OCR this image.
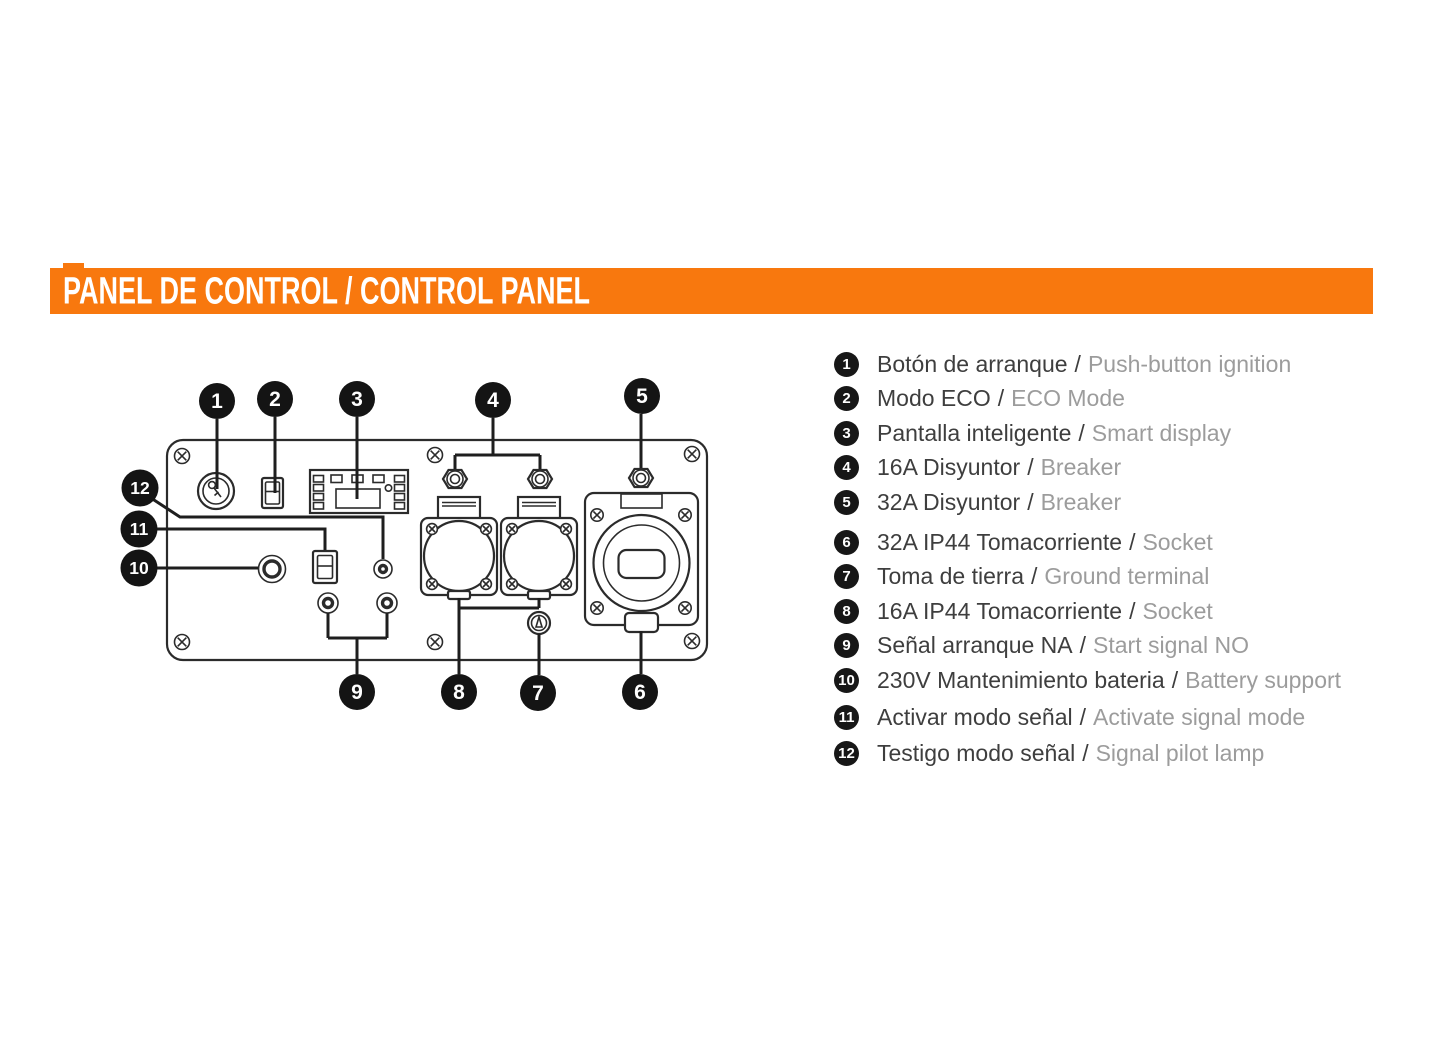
PANEL DE CONTROL / CONTROL PANEL
1 2	3	4	5
6
7
8
9
10
11
12
1	Botón de arranque / Push-button ignition
2	Modo ECO / ECO Mode
3	Pantalla inteligente / Smart display
4	16A Disyuntor / Breaker
5	32A Disyuntor / Breaker
6	32A IP44 Tomacorriente / Socket
7	Toma de tierra / Ground terminal
8	16A IP44 Tomacorriente / Socket
9	Señal arranque NA / Start signal NO
10 230V Mantenimiento bateria / Battery support
11 Activar modo señal / Activate signal mode
12 Testigo modo señal / Signal pilot lamp
